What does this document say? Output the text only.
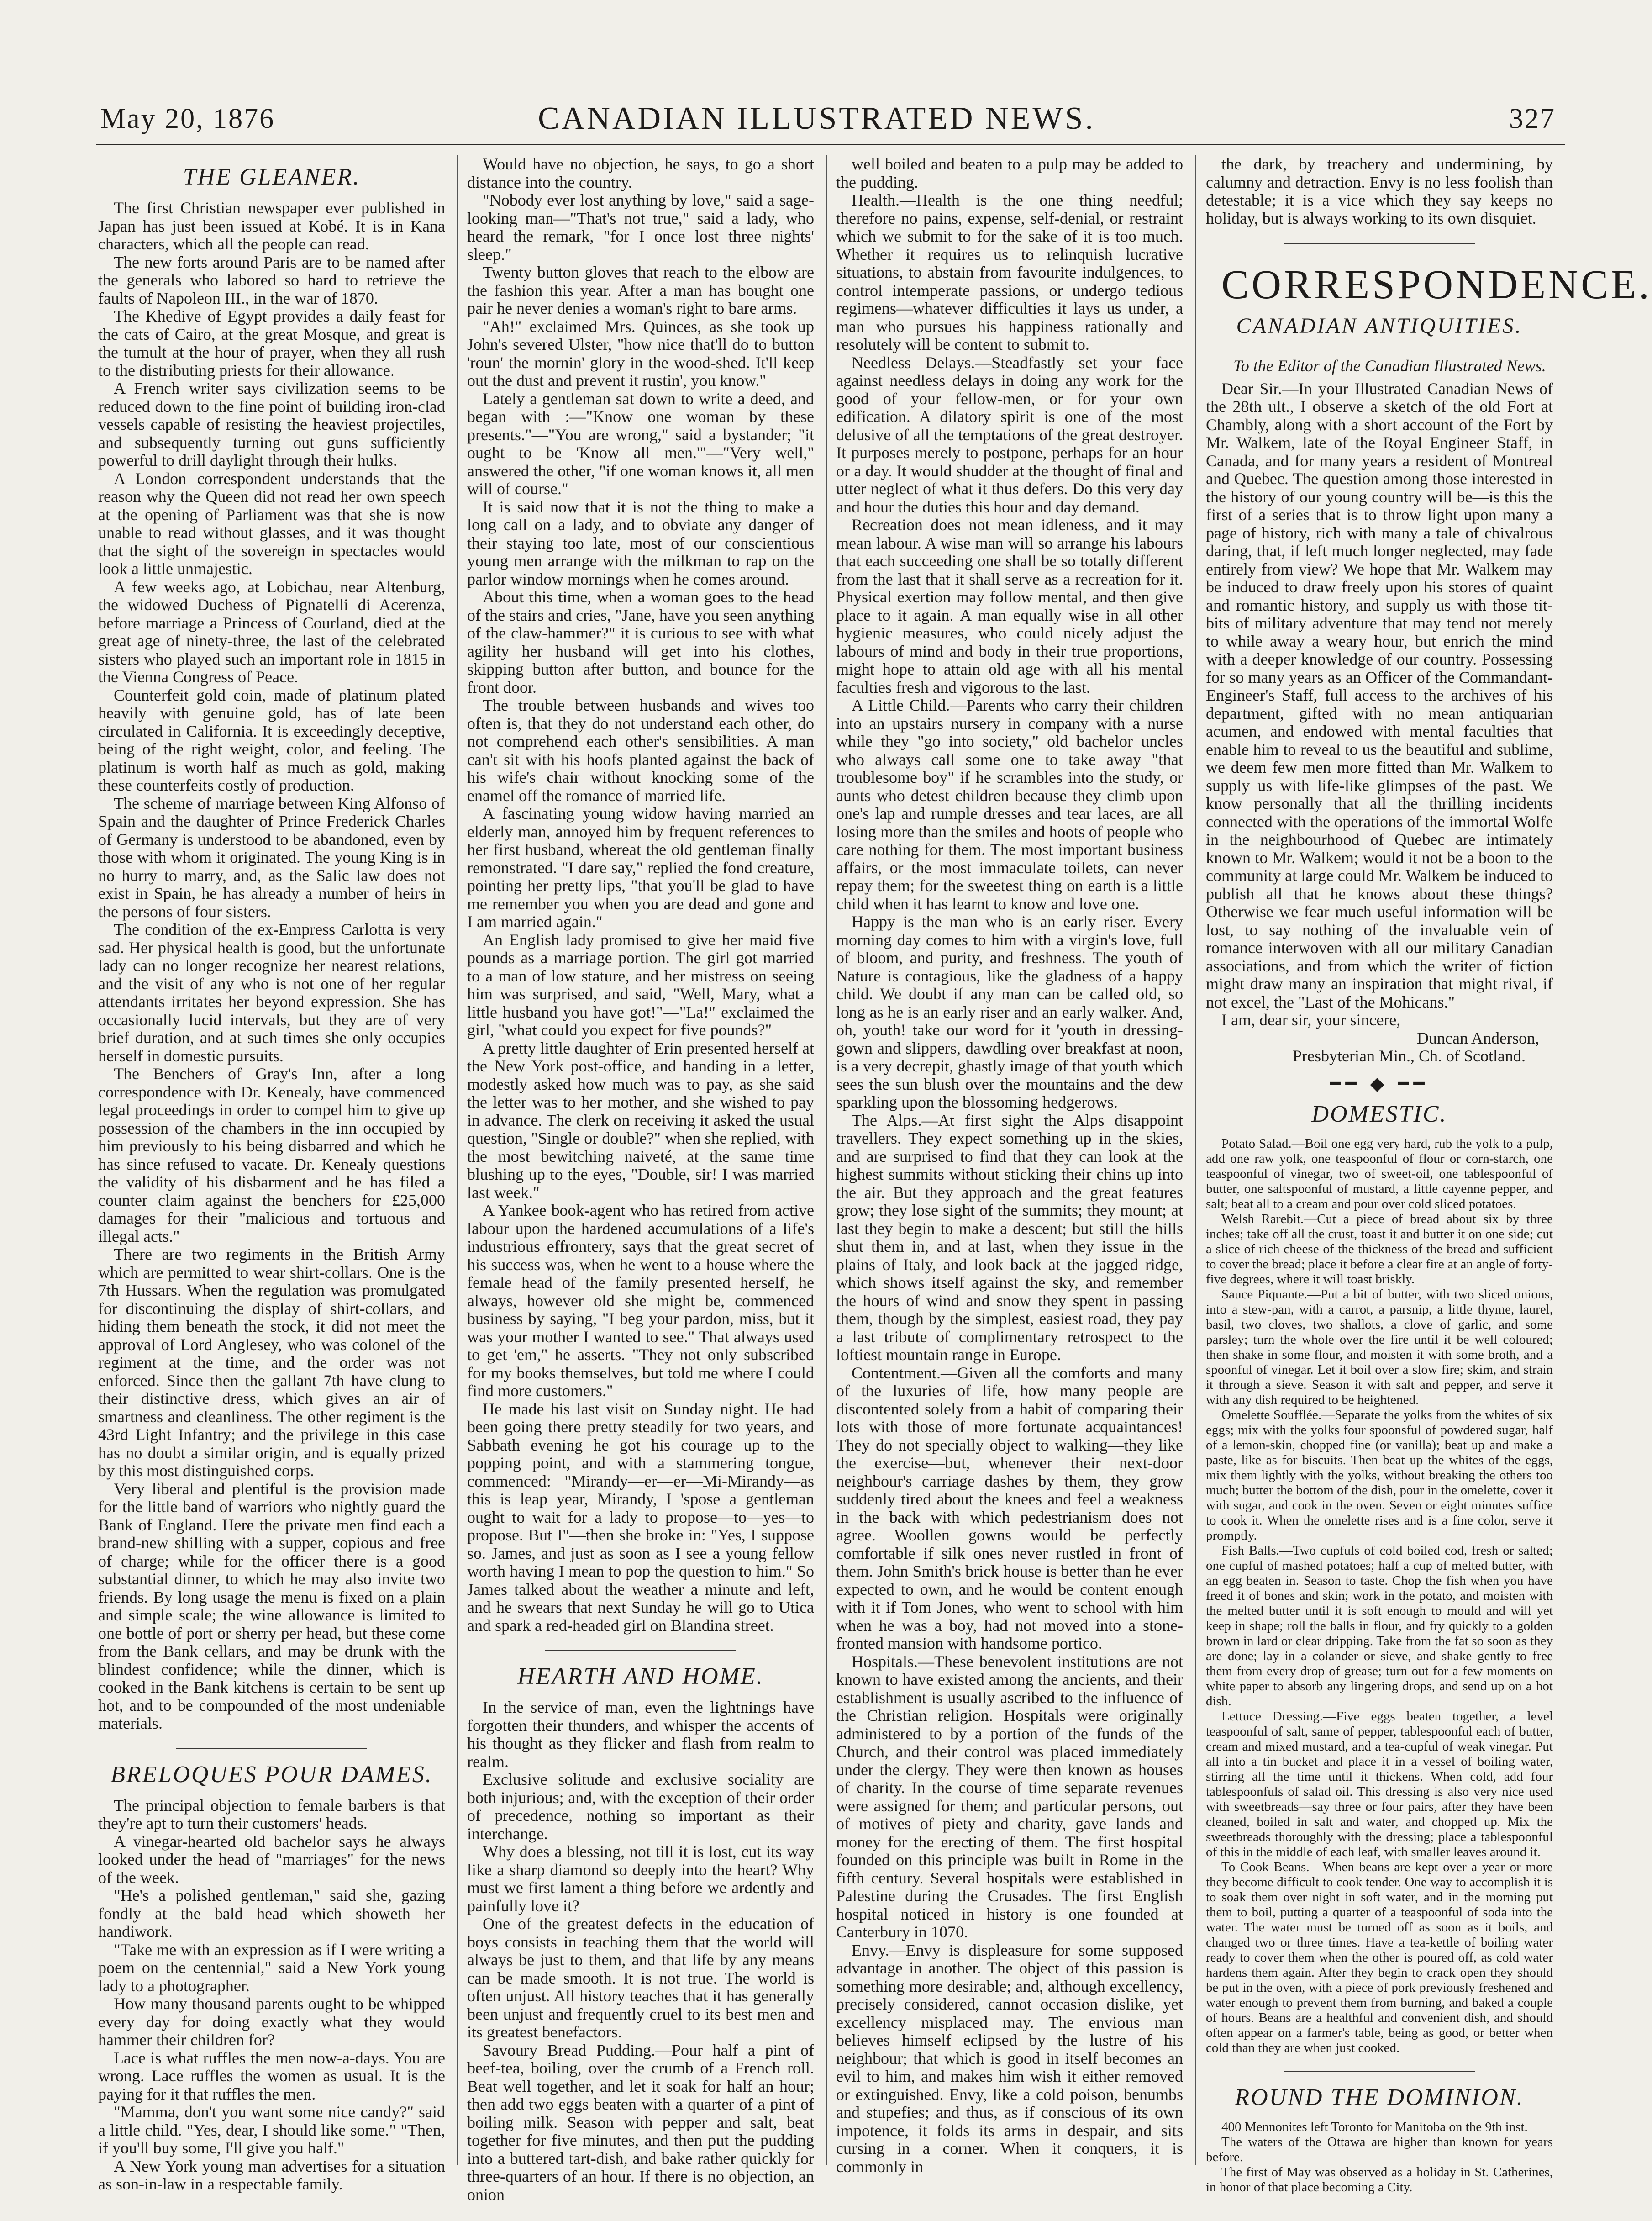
May 20, 1876	CANADIAN ILLUSTRATED NEWS.	327

THE GLEANER.

The first Christian newspaper ever published in Japan has just been issued at Kobé. It is in Kana characters, which all the people can read.

The new forts around Paris are to be named after the generals who labored so hard to retrieve the faults of Napoleon III., in the war of 1870.

The Khedive of Egypt provides a daily feast for the cats of Cairo, at the great Mosque, and great is the tumult at the hour of prayer, when they all rush to the distributing priests for their allowance.

A French writer says civilization seems to be reduced down to the fine point of building iron-clad vessels capable of resisting the heaviest projectiles, and subsequently turning out guns sufficiently powerful to drill daylight through their hulks.

A London correspondent understands that the reason why the Queen did not read her own speech at the opening of Parliament was that she is now unable to read without glasses, and it was thought that the sight of the sovereign in spectacles would look a little unmajestic.

A few weeks ago, at Lobichau, near Altenburg, the widowed Duchess of Pignatelli di Acerenza, before marriage a Princess of Courland, died at the great age of ninety-three, the last of the celebrated sisters who played such an important role in 1815 in the Vienna Congress of Peace.

Counterfeit gold coin, made of platinum plated heavily with genuine gold, has of late been circulated in California. It is exceedingly deceptive, being of the right weight, color, and feeling. The platinum is worth half as much as gold, making these counterfeits costly of production.

The scheme of marriage between King Alfonso of Spain and the daughter of Prince Frederick Charles of Germany is understood to be abandoned, even by those with whom it originated. The young King is in no hurry to marry, and, as the Salic law does not exist in Spain, he has already a number of heirs in the persons of four sisters.

The condition of the ex-Empress Carlotta is very sad. Her physical health is good, but the unfortunate lady can no longer recognize her nearest relations, and the visit of any who is not one of her regular attendants irritates her beyond expression. She has occasionally lucid intervals, but they are of very brief duration, and at such times she only occupies herself in domestic pursuits.

The Benchers of Gray's Inn, after a long correspondence with Dr. Kenealy, have commenced legal proceedings in order to compel him to give up possession of the chambers in the inn occupied by him previously to his being disbarred and which he has since refused to vacate. Dr. Kenealy questions the validity of his disbarment and he has filed a counter claim against the benchers for £25,000 damages for their "malicious and tortuous and illegal acts."

There are two regiments in the British Army which are permitted to wear shirt-collars. One is the 7th Hussars. When the regulation was promulgated for discontinuing the display of shirt-collars, and hiding them beneath the stock, it did not meet the approval of Lord Anglesey, who was colonel of the regiment at the time, and the order was not enforced. Since then the gallant 7th have clung to their distinctive dress, which gives an air of smartness and cleanliness. The other regiment is the 43rd Light Infantry; and the privilege in this case has no doubt a similar origin, and is equally prized by this most distinguished corps.

Very liberal and plentiful is the provision made for the little band of warriors who nightly guard the Bank of England. Here the private men find each a brand-new shilling with a supper, copious and free of charge; while for the officer there is a good substantial dinner, to which he may also invite two friends. By long usage the menu is fixed on a plain and simple scale; the wine allowance is limited to one bottle of port or sherry per head, but these come from the Bank cellars, and may be drunk with the blindest confidence; while the dinner, which is cooked in the Bank kitchens is certain to be sent up hot, and to be compounded of the most undeniable materials.

BRELOQUES POUR DAMES.

The principal objection to female barbers is that they're apt to turn their customers' heads.

A vinegar-hearted old bachelor says he always looked under the head of "marriages" for the news of the week.

"He's a polished gentleman," said she, gazing fondly at the bald head which showeth her handiwork.

"Take me with an expression as if I were writing a poem on the centennial," said a New York young lady to a photographer.

How many thousand parents ought to be whipped every day for doing exactly what they would hammer their children for?

Lace is what ruffles the men now-a-days. You are wrong. Lace ruffles the women as usual. It is the paying for it that ruffles the men.

"Mamma, don't you want some nice candy?" said a little child. "Yes, dear, I should like some." "Then, if you'll buy some, I'll give you half."

A New York young man advertises for a situation as son-in-law in a respectable family.

Would have no objection, he says, to go a short distance into the country.

"Nobody ever lost anything by love," said a sage-looking man—"That's not true," said a lady, who heard the remark, "for I once lost three nights' sleep."

Twenty button gloves that reach to the elbow are the fashion this year. After a man has bought one pair he never denies a woman's right to bare arms.

"Ah!" exclaimed Mrs. Quinces, as she took up John's severed Ulster, "how nice that'll do to button 'roun' the mornin' glory in the wood-shed. It'll keep out the dust and prevent it rustin', you know."

Lately a gentleman sat down to write a deed, and began with :—"Know one woman by these presents."—"You are wrong," said a bystander; "it ought to be 'Know all men.'"—"Very well," answered the other, "if one woman knows it, all men will of course."

It is said now that it is not the thing to make a long call on a lady, and to obviate any danger of their staying too late, most of our conscientious young men arrange with the milkman to rap on the parlor window mornings when he comes around.

About this time, when a woman goes to the head of the stairs and cries, "Jane, have you seen anything of the claw-hammer?" it is curious to see with what agility her husband will get into his clothes, skipping button after button, and bounce for the front door.

The trouble between husbands and wives too often is, that they do not understand each other, do not comprehend each other's sensibilities. A man can't sit with his hoofs planted against the back of his wife's chair without knocking some of the enamel off the romance of married life.

A fascinating young widow having married an elderly man, annoyed him by frequent references to her first husband, whereat the old gentleman finally remonstrated. "I dare say," replied the fond creature, pointing her pretty lips, "that you'll be glad to have me remember you when you are dead and gone and I am married again."

An English lady promised to give her maid five pounds as a marriage portion. The girl got married to a man of low stature, and her mistress on seeing him was surprised, and said, "Well, Mary, what a little husband you have got!"—"La!" exclaimed the girl, "what could you expect for five pounds?"

A pretty little daughter of Erin presented herself at the New York post-office, and handing in a letter, modestly asked how much was to pay, as she said the letter was to her mother, and she wished to pay in advance. The clerk on receiving it asked the usual question, "Single or double?" when she replied, with the most bewitching naiveté, at the same time blushing up to the eyes, "Double, sir! I was married last week."

A Yankee book-agent who has retired from active labour upon the hardened accumulations of a life's industrious effrontery, says that the great secret of his success was, when he went to a house where the female head of the family presented herself, he always, however old she might be, commenced business by saying, "I beg your pardon, miss, but it was your mother I wanted to see." That always used to get 'em," he asserts. "They not only subscribed for my books themselves, but told me where I could find more customers."

He made his last visit on Sunday night. He had been going there pretty steadily for two years, and Sabbath evening he got his courage up to the popping point, and with a stammering tongue, commenced: "Mirandy—er—er—Mi-Mirandy—as this is leap year, Mirandy, I 'spose a gentleman ought to wait for a lady to propose—to—yes—to propose. But I"—then she broke in: "Yes, I suppose so. James, and just as soon as I see a young fellow worth having I mean to pop the question to him." So James talked about the weather a minute and left, and he swears that next Sunday he will go to Utica and spark a red-headed girl on Blandina street.

HEARTH AND HOME.

In the service of man, even the lightnings have forgotten their thunders, and whisper the accents of his thought as they flicker and flash from realm to realm.

Exclusive solitude and exclusive sociality are both injurious; and, with the exception of their order of precedence, nothing so important as their interchange.

Why does a blessing, not till it is lost, cut its way like a sharp diamond so deeply into the heart? Why must we first lament a thing before we ardently and painfully love it?

One of the greatest defects in the education of boys consists in teaching them that the world will always be just to them, and that life by any means can be made smooth. It is not true. The world is often unjust. All history teaches that it has generally been unjust and frequently cruel to its best men and its greatest benefactors.

Savoury Bread Pudding.—Pour half a pint of beef-tea, boiling, over the crumb of a French roll. Beat well together, and let it soak for half an hour; then add two eggs beaten with a quarter of a pint of boiling milk. Season with pepper and salt, beat together for five minutes, and then put the pudding into a buttered tart-dish, and bake rather quickly for three-quarters of an hour. If there is no objection, an onion

well boiled and beaten to a pulp may be added to the pudding.

Health.—Health is the one thing needful; therefore no pains, expense, self-denial, or restraint which we submit to for the sake of it is too much. Whether it requires us to relinquish lucrative situations, to abstain from favourite indulgences, to control intemperate passions, or undergo tedious regimens—whatever difficulties it lays us under, a man who pursues his happiness rationally and resolutely will be content to submit to.

Needless Delays.—Steadfastly set your face against needless delays in doing any work for the good of your fellow-men, or for your own edification. A dilatory spirit is one of the most delusive of all the temptations of the great destroyer. It purposes merely to postpone, perhaps for an hour or a day. It would shudder at the thought of final and utter neglect of what it thus defers. Do this very day and hour the duties this hour and day demand.

Recreation does not mean idleness, and it may mean labour. A wise man will so arrange his labours that each succeeding one shall be so totally different from the last that it shall serve as a recreation for it. Physical exertion may follow mental, and then give place to it again. A man equally wise in all other hygienic measures, who could nicely adjust the labours of mind and body in their true proportions, might hope to attain old age with all his mental faculties fresh and vigorous to the last.

A Little Child.—Parents who carry their children into an upstairs nursery in company with a nurse while they "go into society," old bachelor uncles who always call some one to take away "that troublesome boy" if he scrambles into the study, or aunts who detest children because they climb upon one's lap and rumple dresses and tear laces, are all losing more than the smiles and hoots of people who care nothing for them. The most important business affairs, or the most immaculate toilets, can never repay them; for the sweetest thing on earth is a little child when it has learnt to know and love one.

Happy is the man who is an early riser. Every morning day comes to him with a virgin's love, full of bloom, and purity, and freshness. The youth of Nature is contagious, like the gladness of a happy child. We doubt if any man can be called old, so long as he is an early riser and an early walker. And, oh, youth! take our word for it 'youth in dressing-gown and slippers, dawdling over breakfast at noon, is a very decrepit, ghastly image of that youth which sees the sun blush over the mountains and the dew sparkling upon the blossoming hedgerows.

The Alps.—At first sight the Alps disappoint travellers. They expect something up in the skies, and are surprised to find that they can look at the highest summits without sticking their chins up into the air. But they approach and the great features grow; they lose sight of the summits; they mount; at last they begin to make a descent; but still the hills shut them in, and at last, when they issue in the plains of Italy, and look back at the jagged ridge, which shows itself against the sky, and remember the hours of wind and snow they spent in passing them, though by the simplest, easiest road, they pay a last tribute of complimentary retrospect to the loftiest mountain range in Europe.

Contentment.—Given all the comforts and many of the luxuries of life, how many people are discontented solely from a habit of comparing their lots with those of more fortunate acquaintances! They do not specially object to walking—they like the exercise—but, whenever their next-door neighbour's carriage dashes by them, they grow suddenly tired about the knees and feel a weakness in the back with which pedestrianism does not agree. Woollen gowns would be perfectly comfortable if silk ones never rustled in front of them. John Smith's brick house is better than he ever expected to own, and he would be content enough with it if Tom Jones, who went to school with him when he was a boy, had not moved into a stone-fronted mansion with handsome portico.

Hospitals.—These benevolent institutions are not known to have existed among the ancients, and their establishment is usually ascribed to the influence of the Christian religion. Hospitals were originally administered to by a portion of the funds of the Church, and their control was placed immediately under the clergy. They were then known as houses of charity. In the course of time separate revenues were assigned for them; and particular persons, out of motives of piety and charity, gave lands and money for the erecting of them. The first hospital founded on this principle was built in Rome in the fifth century. Several hospitals were established in Palestine during the Crusades. The first English hospital noticed in history is one founded at Canterbury in 1070.

Envy.—Envy is displeasure for some supposed advantage in another. The object of this passion is something more desirable; and, although excellency, precisely considered, cannot occasion dislike, yet excellency misplaced may. The envious man believes himself eclipsed by the lustre of his neighbour; that which is good in itself becomes an evil to him, and makes him wish it either removed or extinguished. Envy, like a cold poison, benumbs and stupefies; and thus, as if conscious of its own impotence, it folds its arms in despair, and sits cursing in a corner. When it conquers, it is commonly in

the dark, by treachery and undermining, by calumny and detraction. Envy is no less foolish than detestable; it is a vice which they say keeps no holiday, but is always working to its own disquiet.

CORRESPONDENCE.

CANADIAN ANTIQUITIES.

To the Editor of the Canadian Illustrated News.

Dear Sir.—In your Illustrated Canadian News of the 28th ult., I observe a sketch of the old Fort at Chambly, along with a short account of the Fort by Mr. Walkem, late of the Royal Engineer Staff, in Canada, and for many years a resident of Montreal and Quebec. The question among those interested in the history of our young country will be—is this the first of a series that is to throw light upon many a page of history, rich with many a tale of chivalrous daring, that, if left much longer neglected, may fade entirely from view? We hope that Mr. Walkem may be induced to draw freely upon his stores of quaint and romantic history, and supply us with those tit-bits of military adventure that may tend not merely to while away a weary hour, but enrich the mind with a deeper knowledge of our country. Possessing for so many years as an Officer of the Commandant-Engineer's Staff, full access to the archives of his department, gifted with no mean antiquarian acumen, and endowed with mental faculties that enable him to reveal to us the beautiful and sublime, we deem few men more fitted than Mr. Walkem to supply us with life-like glimpses of the past. We know personally that all the thrilling incidents connected with the operations of the immortal Wolfe in the neighbourhood of Quebec are intimately known to Mr. Walkem; would it not be a boon to the community at large could Mr. Walkem be induced to publish all that he knows about these things? Otherwise we fear much useful information will be lost, to say nothing of the invaluable vein of romance interwoven with all our military Canadian associations, and from which the writer of fiction might draw many an inspiration that might rival, if not excel, the "Last of the Mohicans."

I am, dear sir, your sincere,

Duncan Anderson,

Presbyterian Min., Ch. of Scotland.

━━ ◆ ━━

DOMESTIC.

Potato Salad.—Boil one egg very hard, rub the yolk to a pulp, add one raw yolk, one teaspoonful of flour or corn-starch, one teaspoonful of vinegar, two of sweet-oil, one tablespoonful of butter, one saltspoonful of mustard, a little cayenne pepper, and salt; beat all to a cream and pour over cold sliced potatoes.

Welsh Rarebit.—Cut a piece of bread about six by three inches; take off all the crust, toast it and butter it on one side; cut a slice of rich cheese of the thickness of the bread and sufficient to cover the bread; place it before a clear fire at an angle of forty-five degrees, where it will toast briskly.

Sauce Piquante.—Put a bit of butter, with two sliced onions, into a stew-pan, with a carrot, a parsnip, a little thyme, laurel, basil, two cloves, two shallots, a clove of garlic, and some parsley; turn the whole over the fire until it be well coloured; then shake in some flour, and moisten it with some broth, and a spoonful of vinegar. Let it boil over a slow fire; skim, and strain it through a sieve. Season it with salt and pepper, and serve it with any dish required to be heightened.

Omelette Soufflée.—Separate the yolks from the whites of six eggs; mix with the yolks four spoonsful of powdered sugar, half of a lemon-skin, chopped fine (or vanilla); beat up and make a paste, like as for biscuits. Then beat up the whites of the eggs, mix them lightly with the yolks, without breaking the others too much; butter the bottom of the dish, pour in the omelette, cover it with sugar, and cook in the oven. Seven or eight minutes suffice to cook it. When the omelette rises and is a fine color, serve it promptly.

Fish Balls.—Two cupfuls of cold boiled cod, fresh or salted; one cupful of mashed potatoes; half a cup of melted butter, with an egg beaten in. Season to taste. Chop the fish when you have freed it of bones and skin; work in the potato, and moisten with the melted butter until it is soft enough to mould and will yet keep in shape; roll the balls in flour, and fry quickly to a golden brown in lard or clear dripping. Take from the fat so soon as they are done; lay in a colander or sieve, and shake gently to free them from every drop of grease; turn out for a few moments on white paper to absorb any lingering drops, and send up on a hot dish.

Lettuce Dressing.—Five eggs beaten together, a level teaspoonful of salt, same of pepper, tablespoonful each of butter, cream and mixed mustard, and a tea-cupful of weak vinegar. Put all into a tin bucket and place it in a vessel of boiling water, stirring all the time until it thickens. When cold, add four tablespoonfuls of salad oil. This dressing is also very nice used with sweetbreads—say three or four pairs, after they have been cleaned, boiled in salt and water, and chopped up. Mix the sweetbreads thoroughly with the dressing; place a tablespoonful of this in the middle of each leaf, with smaller leaves around it.

To Cook Beans.—When beans are kept over a year or more they become difficult to cook tender. One way to accomplish it is to soak them over night in soft water, and in the morning put them to boil, putting a quarter of a teaspoonful of soda into the water. The water must be turned off as soon as it boils, and changed two or three times. Have a tea-kettle of boiling water ready to cover them when the other is poured off, as cold water hardens them again. After they begin to crack open they should be put in the oven, with a piece of pork previously freshened and water enough to prevent them from burning, and baked a couple of hours. Beans are a healthful and convenient dish, and should often appear on a farmer's table, being as good, or better when cold than they are when just cooked.

ROUND THE DOMINION.

400 Mennonites left Toronto for Manitoba on the 9th inst.

The waters of the Ottawa are higher than known for years before.

The first of May was observed as a holiday in St. Catherines, in honor of that place becoming a City.
